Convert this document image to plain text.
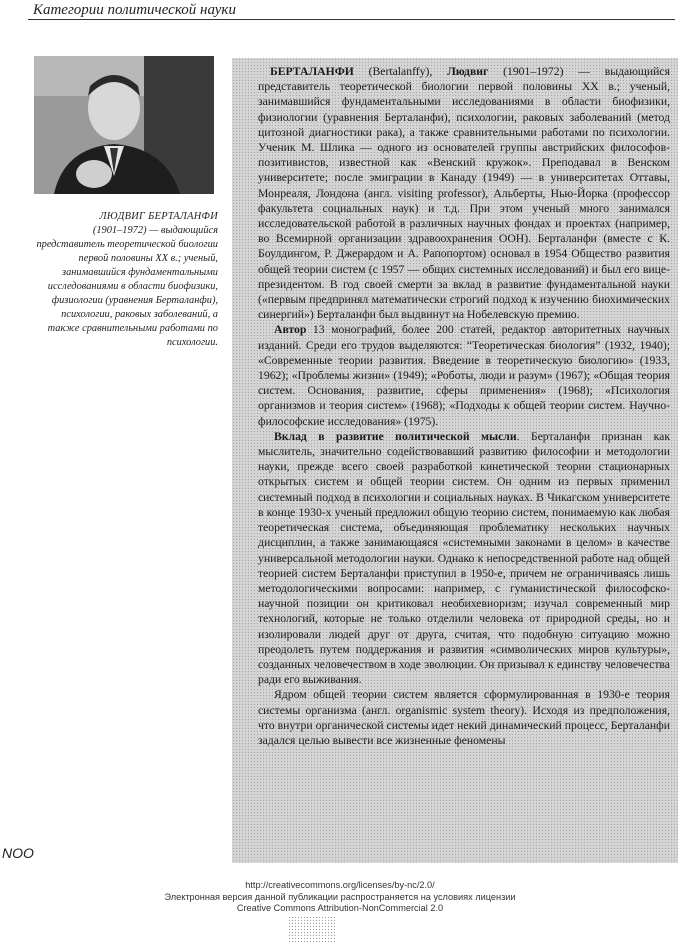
Категории политической науки
ЛЮДВИГ БЕРТАЛАНФИ
(1901–1972) — выдающийся представитель теоретической биологии первой половины XX в.; ученый, занимавшийся фундаментальными исследованиями в области биофизики, физиологии (уравнения Берталанфи), психологии, раковых заболеваний, а также сравнительными работами по психологии.

БЕРТАЛАНФИ (Bertalanffy), Людвиг (1901–1972) — выдающийся представитель теоретической биологии первой половины XX в.; ученый, занимавшийся фундаментальными исследованиями в области биофизики, физиологии (уравнения Берталанфи), психологии, раковых заболеваний (метод цитозной диагностики рака), а также сравнительными работами по психологии. Ученик М. Шлика — одного из основателей группы австрийских философов-позитивистов, известной как «Венский кружок». Преподавал в Венском университете; после эмиграции в Канаду (1949) — в университетах Оттавы, Монреаля, Лондона (англ. visiting professor), Альберты, Нью-Йорка (профессор факультета социальных наук) и т.д. При этом ученый много занимался исследовательской работой в различных научных фондах и проектах (например, во Всемирной организации здравоохранения ООН). Берталанфи (вместе с К. Боулдингом, Р. Джерардом и А. Рапопортом) основал в 1954 Общество развития общей теории систем (с 1957 — общих системных исследований) и был его вице-президентом. В год своей смерти за вклад в развитие фундаментальной науки («первым предпринял математически строгий подход к изучению биохимических синергий») Берталанфи был выдвинут на Нобелевскую премию.

Автор 13 монографий, более 200 статей, редактор авторитетных научных изданий. Среди его трудов выделяются: “Теоретическая биология” (1932, 1940); «Современные теории развития. Введение в теоретическую биологию» (1933, 1962); «Проблемы жизни» (1949); «Роботы, люди и разум» (1967); «Общая теория систем. Основания, развитие, сферы применения» (1968); «Психология организмов и теория систем» (1968); «Подходы к общей теории систем. Научно-философские исследования» (1975).

Вклад в развитие политической мысли. Берталанфи признан как мыслитель, значительно содействовавший развитию философии и методологии науки, прежде всего своей разработкой кинетической теории стационарных открытых систем и общей теории систем. Он одним из первых применил системный подход в психологии и социальных науках. В Чикагском университете в конце 1930-х ученый предложил общую теорию систем, понимаемую как любая теоретическая система, объединяющая проблематику нескольких научных дисциплин, а также занимающаяся «системными законами в целом» в качестве универсальной методологии науки. Однако к непосредственной работе над общей теорией систем Берталанфи приступил в 1950-е, причем не ограничиваясь лишь методологическими вопросами: например, с гуманистической философско-научной позиции он критиковал необихевиоризм; изучал современный мир технологий, которые не только отделили человека от природной среды, но и изолировали людей друг от друга, считая, что подобную ситуацию можно преодолеть путем поддержания и развития «символических миров культуры», созданных человечеством в ходе эволюции. Он призывал к единству человечества ради его выживания.

Ядром общей теории систем является сформулированная в 1930-е теория системы организма (англ. organismic system theory). Исходя из предположения, что внутри органической системы идет некий динамический процесс, Берталанфи задался целью вывести все жизненные феномены

NOO
http://creativecommons.org/licenses/by-nc/2.0/
Электронная версия данной публикации распространяется на условиях лицензии
Creative Commons Attribution-NonCommercial 2.0
